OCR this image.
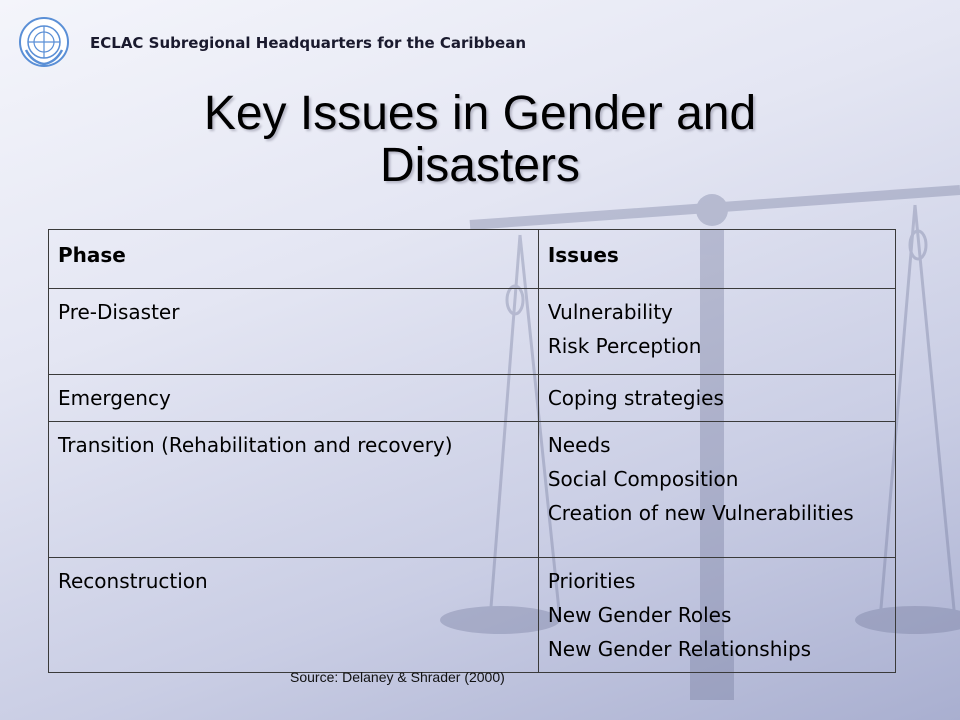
ECLAC Subregional Headquarters for the Caribbean
Key Issues in Gender and Disasters
Phase	Issues
Pre-Disaster	Vulnerability
Risk Perception

Emergency	Coping strategies

Transition (Rehabilitation and recovery)	Needs
Social Composition
Creation of new Vulnerabilities

Reconstruction	Priorities
New Gender Roles
New Gender Relationships
Source: Delaney & Shrader (2000)
